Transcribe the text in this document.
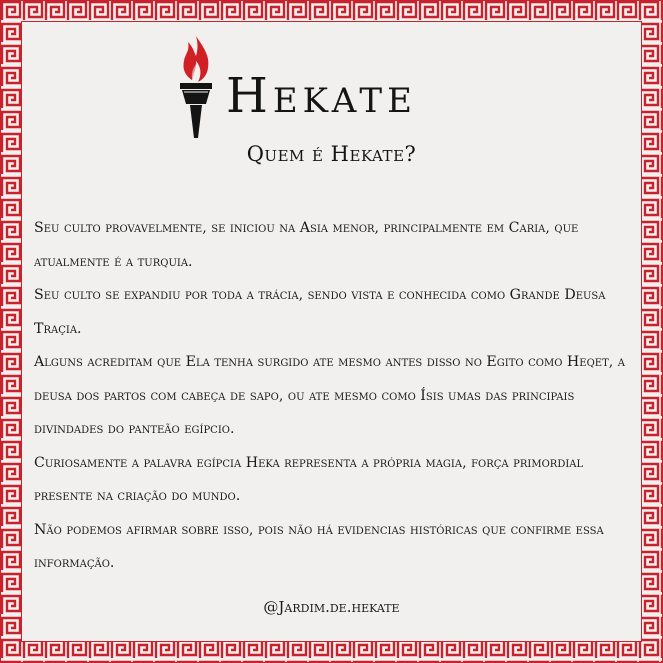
Hekate
Quem é Hekate?

Seu culto provavelmente, se iniciou na Asia menor, principalmente em Caria, que atualmente é a turquia.

Seu culto se expandiu por toda a trácia, sendo vista e conhecida como Grande Deusa Traçia.

Alguns acreditam que Ela tenha surgido ate mesmo antes disso no Egito como Heqet, a deusa dos partos com cabeça de sapo, ou ate mesmo como Ísis umas das principais divindades do panteão egípcio.

Curiosamente a palavra egípcia Heka representa a própria magia, força primordial presente na criação do mundo.

Não podemos afirmar sobre isso, pois não há evidencias históricas que confirme essa informação.

@Jardim.de.hekate
